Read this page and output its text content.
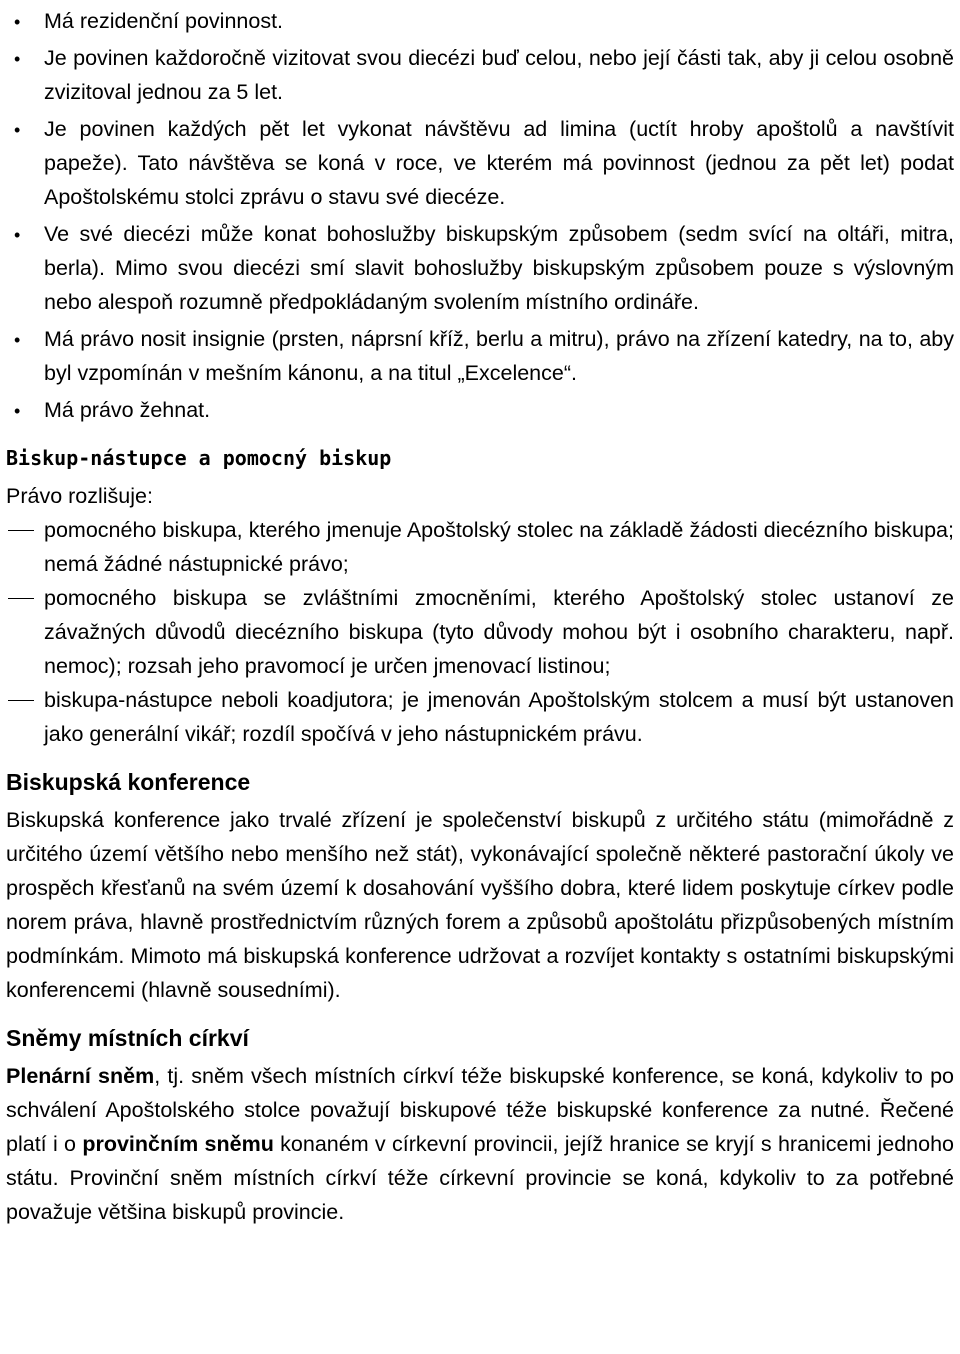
•
Má rezidenční povinnost.
•
Je povinen každoročně vizitovat svou diecézi buď celou, nebo její části tak, aby ji celou osobně zvizitoval jednou za 5 let.
•
Je povinen každých pět let vykonat návštěvu ad limina (uctít hroby apoštolů a navštívit papeže). Tato návštěva se koná v roce, ve kterém má povinnost (jednou za pět let) podat Apoštolskému stolci zprávu o stavu své diecéze.
•
Ve své diecézi může konat bohoslužby biskupským způsobem (sedm svící na oltáři, mitra, berla). Mimo svou diecézi smí slavit bohoslužby biskupským způsobem pouze s výslovným nebo alespoň rozumně předpokládaným svolením místního ordináře.
•
Má právo nosit insignie (prsten, náprsní kříž, berlu a mitru), právo na zřízení katedry, na to, aby byl vzpomínán v mešním kánonu, a na titul „Excelence“.
•
Má právo žehnat.
Biskup-nástupce a pomocný biskup

Právo rozlišuje:

pomocného biskupa, kterého jmenuje Apoštolský stolec na základě žádosti diecézního biskupa; nemá žádné nástupnické právo;
pomocného biskupa se zvláštními zmocněními, kterého Apoštolský stolec ustanoví ze závažných důvodů diecézního biskupa (tyto důvody mohou být i osobního charakteru, např. nemoc); rozsah jeho pravomocí je určen jmenovací listinou;
biskupa-nástupce neboli koadjutora; je jmenován Apoštolským stolcem a musí být ustanoven jako generální vikář; rozdíl spočívá v jeho nástupnickém právu.
Biskupská konference

Biskupská konference jako trvalé zřízení je společenství biskupů z určitého státu (mimořádně z určitého území většího nebo menšího než stát), vykonávající společně některé pastorační úkoly ve prospěch křesťanů na svém území k dosahování vyššího dobra, které lidem poskytuje církev podle norem práva, hlavně prostřednictvím různých forem a způsobů apoštolátu přizpůsobených místním podmínkám. Mimoto má biskupská konference udržovat a rozvíjet kontakty s ostatními biskupskými konferencemi (hlavně sousedními).

Sněmy místních církví

Plenární sněm, tj. sněm všech místních církví téže biskupské konference, se koná, kdykoliv to po schválení Apoštolského stolce považují biskupové téže biskupské konference za nutné. Řečené platí i o provinčním sněmu konaném v církevní provincii, jejíž hranice se kryjí s hranicemi jednoho státu. Provinční sněm místních církví téže církevní provincie se koná, kdykoliv to za potřebné považuje většina biskupů provincie.
